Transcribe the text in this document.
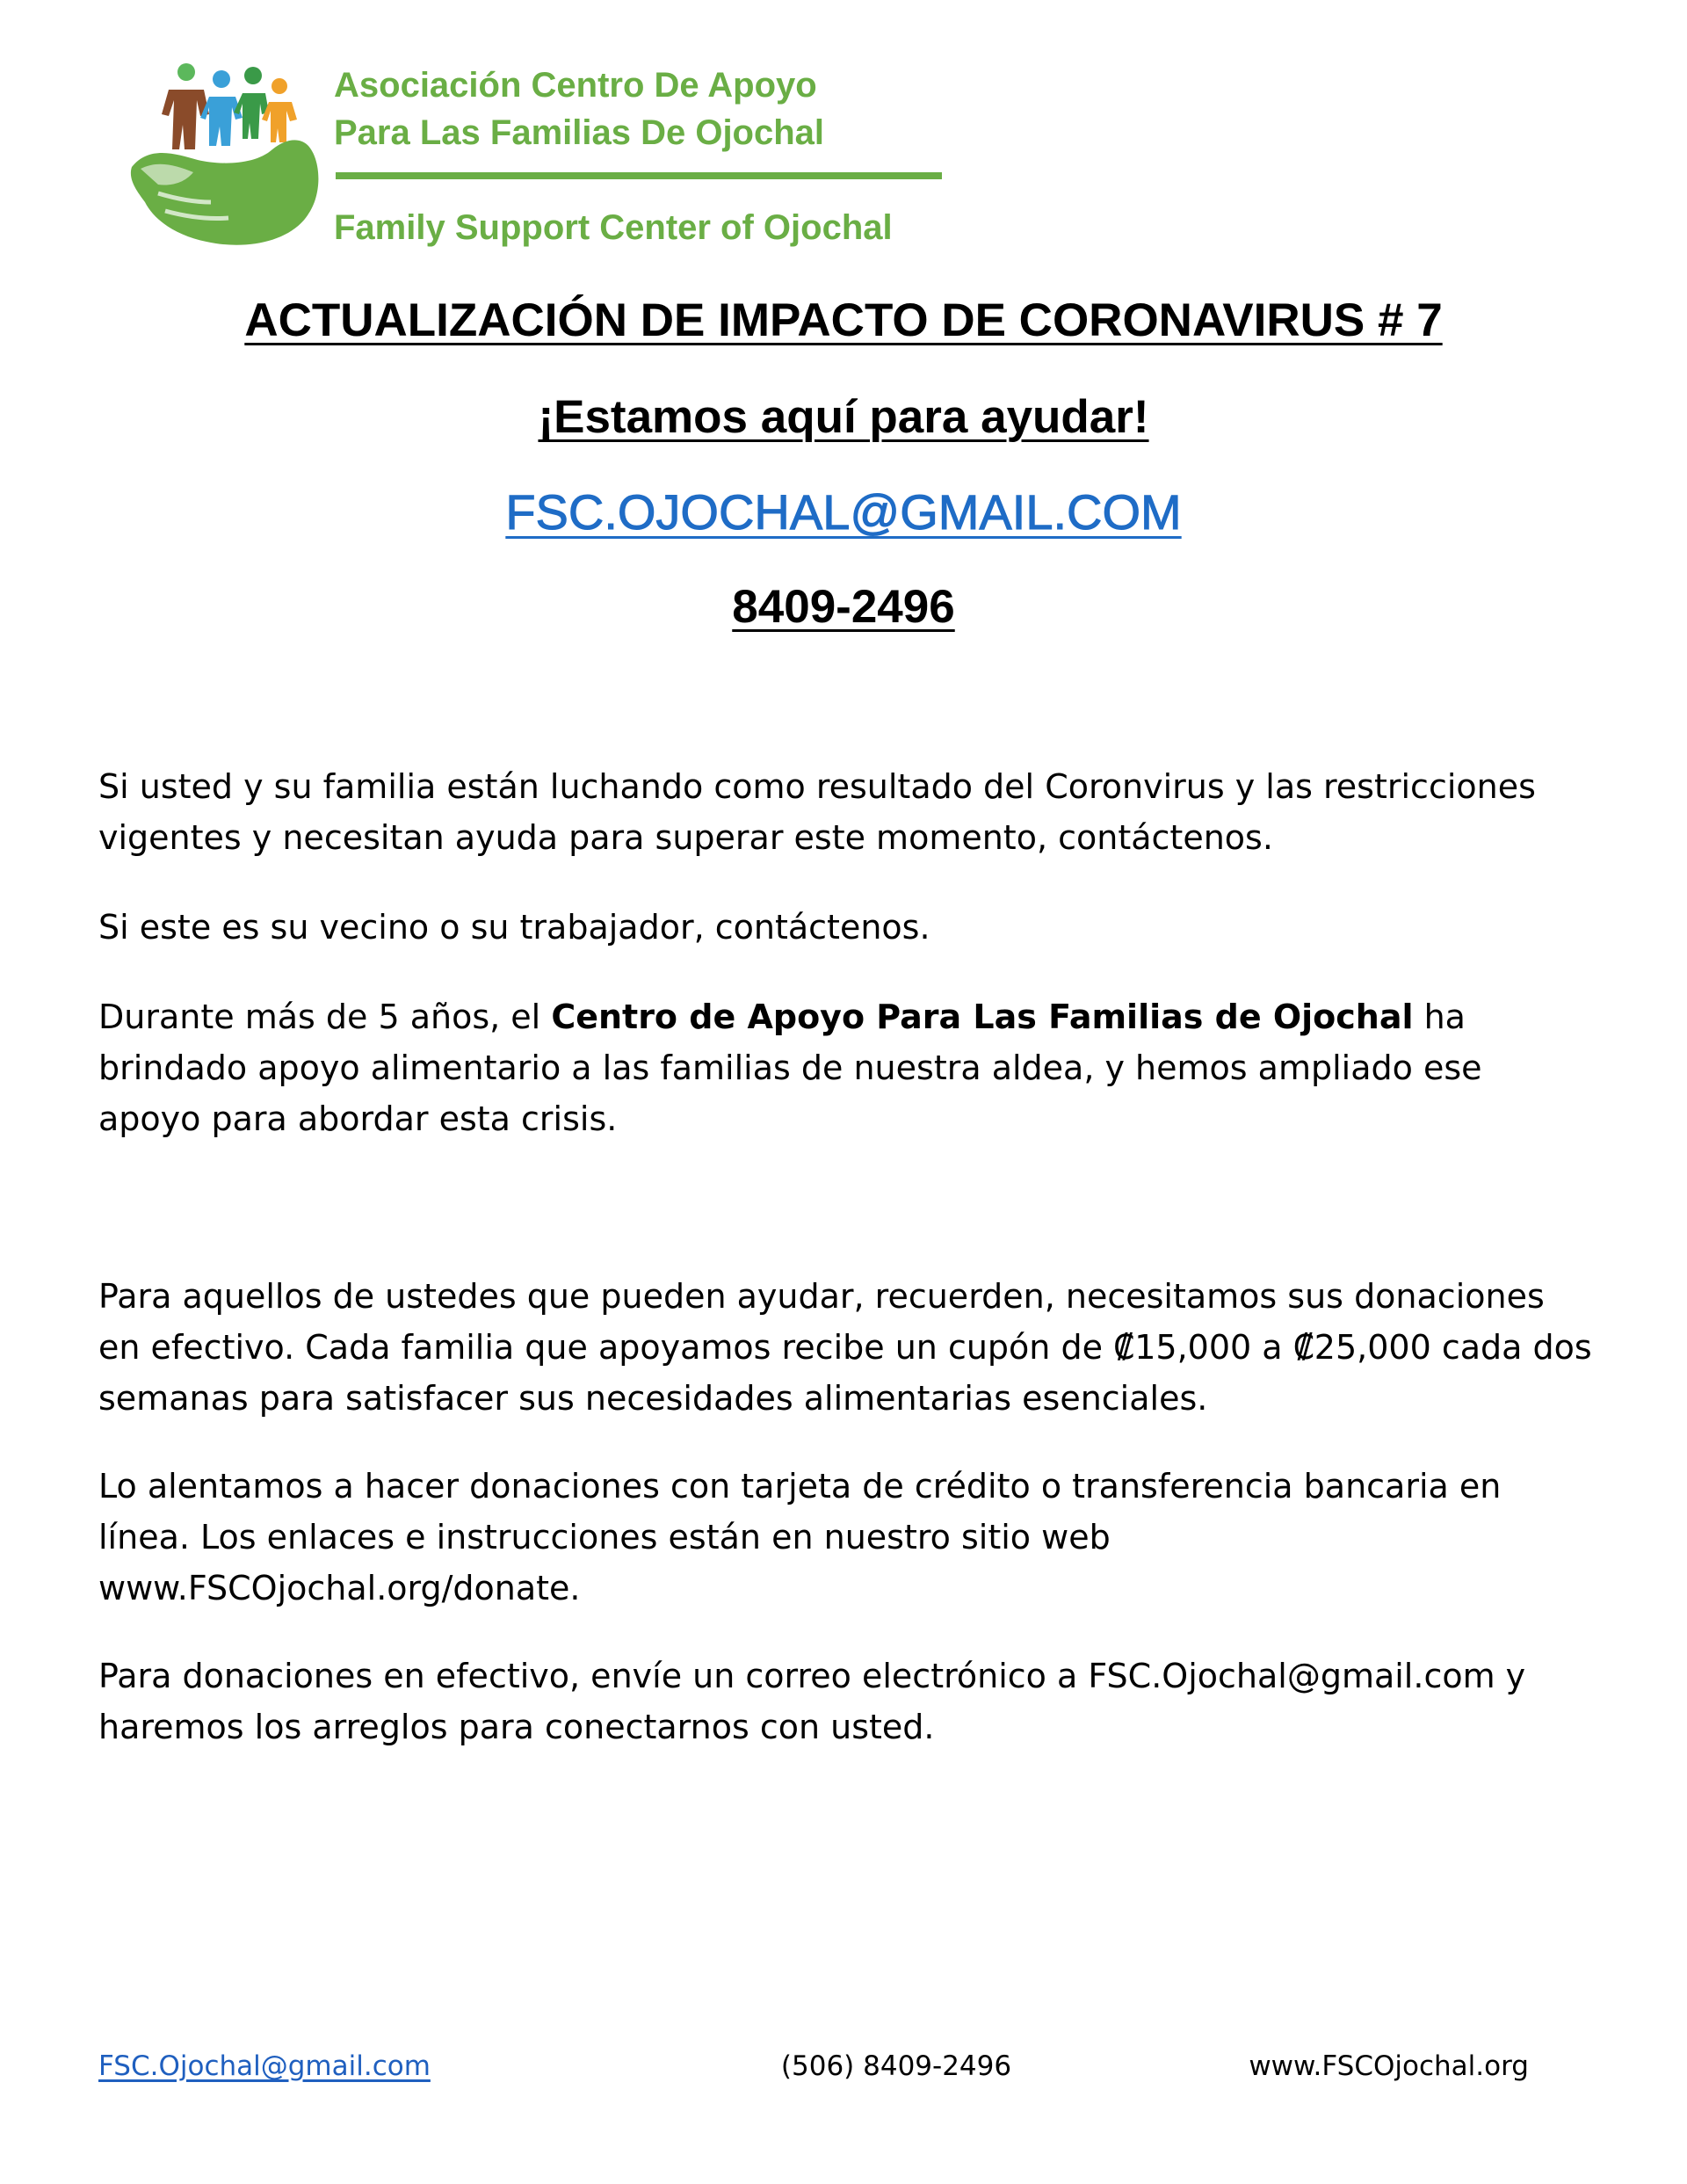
Asociación Centro De Apoyo
Para Las Familias De Ojochal
Family Support Center of Ojochal
ACTUALIZACIÓN DE IMPACTO DE CORONAVIRUS # 7
¡Estamos aquí para ayudar!
FSC.OJOCHAL@GMAIL.COM
8409-2496

Si usted y su familia están luchando como resultado del Coronvirus y las restricciones vigentes y necesitan ayuda para superar este momento, contáctenos.

Si este es su vecino o su trabajador, contáctenos.

Durante más de 5 años, el Centro de Apoyo Para Las Familias de Ojochal ha brindado apoyo alimentario a las familias de nuestra aldea, y hemos ampliado ese apoyo para abordar esta crisis.

Para aquellos de ustedes que pueden ayudar, recuerden, necesitamos sus donaciones en efectivo. Cada familia que apoyamos recibe un cupón de ₡15,000 a ₡25,000 cada dos semanas para satisfacer sus necesidades alimentarias esenciales.

Lo alentamos a hacer donaciones con tarjeta de crédito o transferencia bancaria en línea. Los enlaces e instrucciones están en nuestro sitio web www.FSCOjochal.org/donate.

Para donaciones en efectivo, envíe un correo electrónico a FSC.Ojochal@gmail.com y haremos los arreglos para conectarnos con usted.

FSC.Ojochal@gmail.com	(506) 8409-2496	www.FSCOjochal.org
